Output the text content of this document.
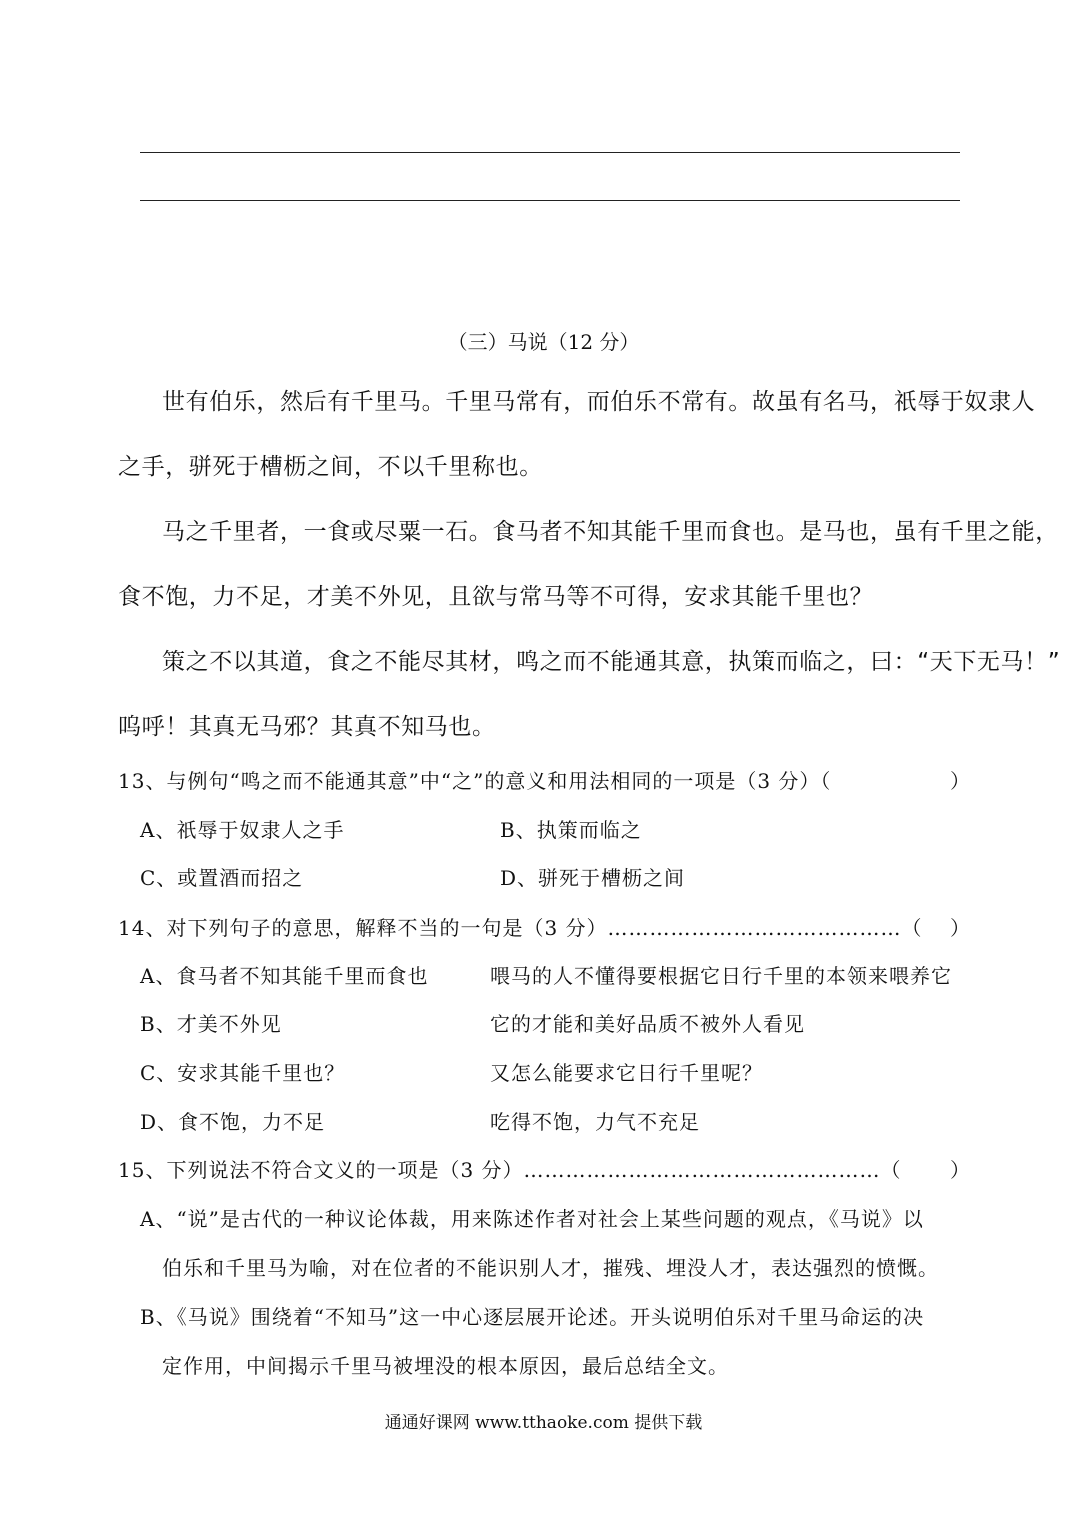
（三）马说（12 分）
世有伯乐，然后有千里马。千里马常有，而伯乐不常有。故虽有名马，祇辱于奴隶人
之手，骈死于槽枥之间，不以千里称也。
马之千里者，一食或尽粟一石。食马者不知其能千里而食也。是马也，虽有千里之能，
食不饱，力不足，才美不外见，且欲与常马等不可得，安求其能千里也？
策之不以其道，食之不能尽其材，鸣之而不能通其意，执策而临之，曰：“天下无马！”
呜呼！其真无马邪？其真不知马也。
13、与例句“鸣之而不能通其意”中“之”的意义和用法相同的一项是（3 分）（	）
A、祇辱于奴隶人之手	B、执策而临之
C、或置酒而招之	D、骈死于槽枥之间
14、对下列句子的意思，解释不当的一句是（3 分）……………………………………（ ）
A、食马者不知其能千里而食也	喂马的人不懂得要根据它日行千里的本领来喂养它
B、才美不外见	它的才能和美好品质不被外人看见
C、安求其能千里也？	又怎么能要求它日行千里呢？
D、食不饱，力不足	吃得不饱，力气不充足
15、下列说法不符合文义的一项是（3 分）……………………………………………（ ）
A、“说”是古代的一种议论体裁，用来陈述作者对社会上某些问题的观点，《马说》以
伯乐和千里马为喻，对在位者的不能识别人才，摧残、埋没人才，表达强烈的愤慨。
B、《马说》围绕着“不知马”这一中心逐层展开论述。开头说明伯乐对千里马命运的决
定作用，中间揭示千里马被埋没的根本原因，最后总结全文。
通通好课网 www.tthaoke.com 提供下载
